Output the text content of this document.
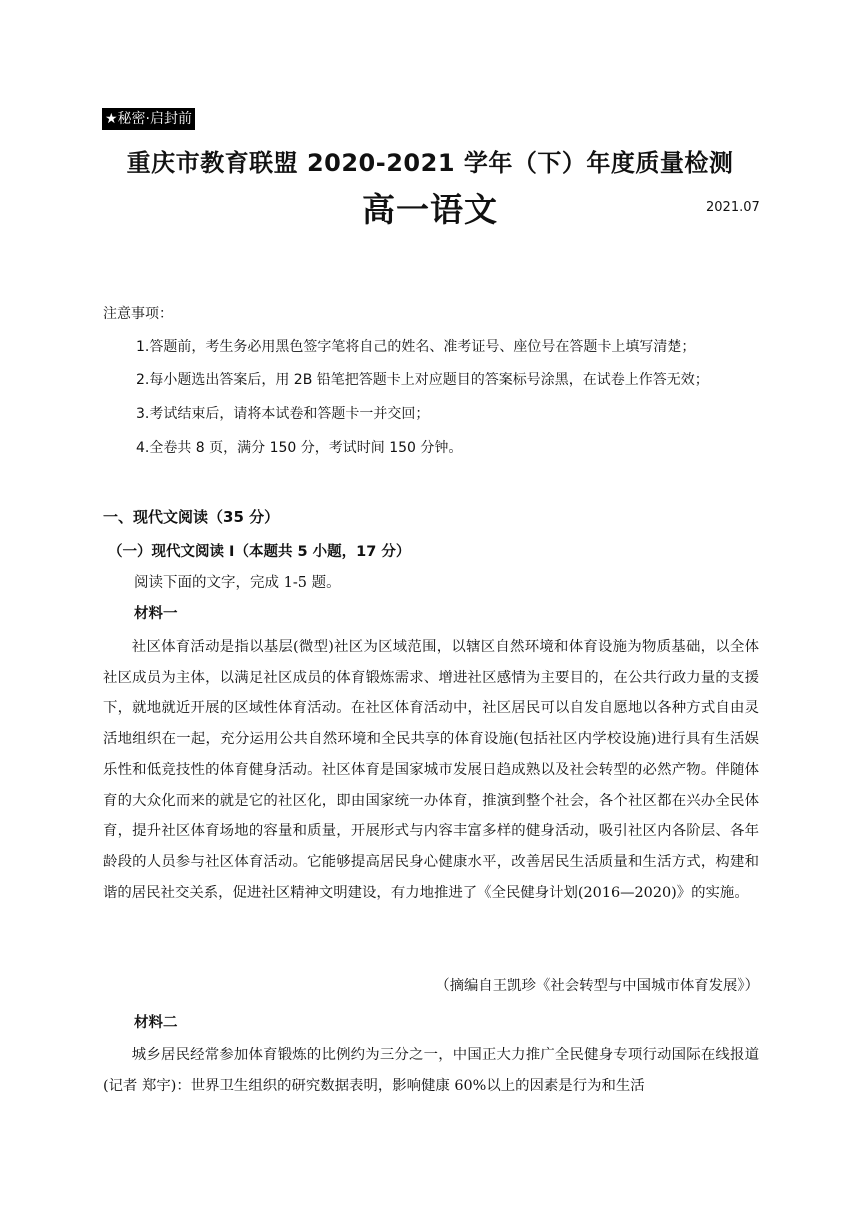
★秘密·启封前
重庆市教育联盟 2020-2021 学年（下）年度质量检测
高一语文	2021.07
注意事项：
1.答题前，考生务必用黑色签字笔将自己的姓名、准考证号、座位号在答题卡上填写清楚；
2.每小题选出答案后，用 2B 铅笔把答题卡上对应题目的答案标号涂黑，在试卷上作答无效；
3.考试结束后，请将本试卷和答题卡一并交回；
4.全卷共 8 页，满分 150 分，考试时间 150 分钟。
一、现代文阅读（35 分）
（一）现代文阅读 I（本题共 5 小题，17 分）
阅读下面的文字，完成 1-5 题。
材料一

社区体育活动是指以基层(微型)社区为区域范围，以辖区自然环境和体育设施为物质基础，以全体社区成员为主体，以满足社区成员的体育锻炼需求、增进社区感情为主要目的，在公共行政力量的支援下，就地就近开展的区域性体育活动。在社区体育活动中，社区居民可以自发自愿地以各种方式自由灵活地组织在一起，充分运用公共自然环境和全民共享的体育设施(包括社区内学校设施)进行具有生活娱乐性和低竞技性的体育健身活动。社区体育是国家城市发展日趋成熟以及社会转型的必然产物。伴随体育的大众化而来的就是它的社区化，即由国家统一办体育，推演到整个社会，各个社区都在兴办全民体育，提升社区体育场地的容量和质量，开展形式与内容丰富多样的健身活动，吸引社区内各阶层、各年龄段的人员参与社区体育活动。它能够提高居民身心健康水平，改善居民生活质量和生活方式，构建和谐的居民社交关系，促进社区精神文明建设，有力地推进了《全民健身计划(2016—2020)》的实施。

（摘编自王凯珍《社会转型与中国城市体育发展》）
材料二

城乡居民经常参加体育锻炼的比例约为三分之一，中国正大力推广全民健身专项行动国际在线报道(记者 郑宇)：世界卫生组织的研究数据表明，影响健康 60%以上的因素是行为和生活
